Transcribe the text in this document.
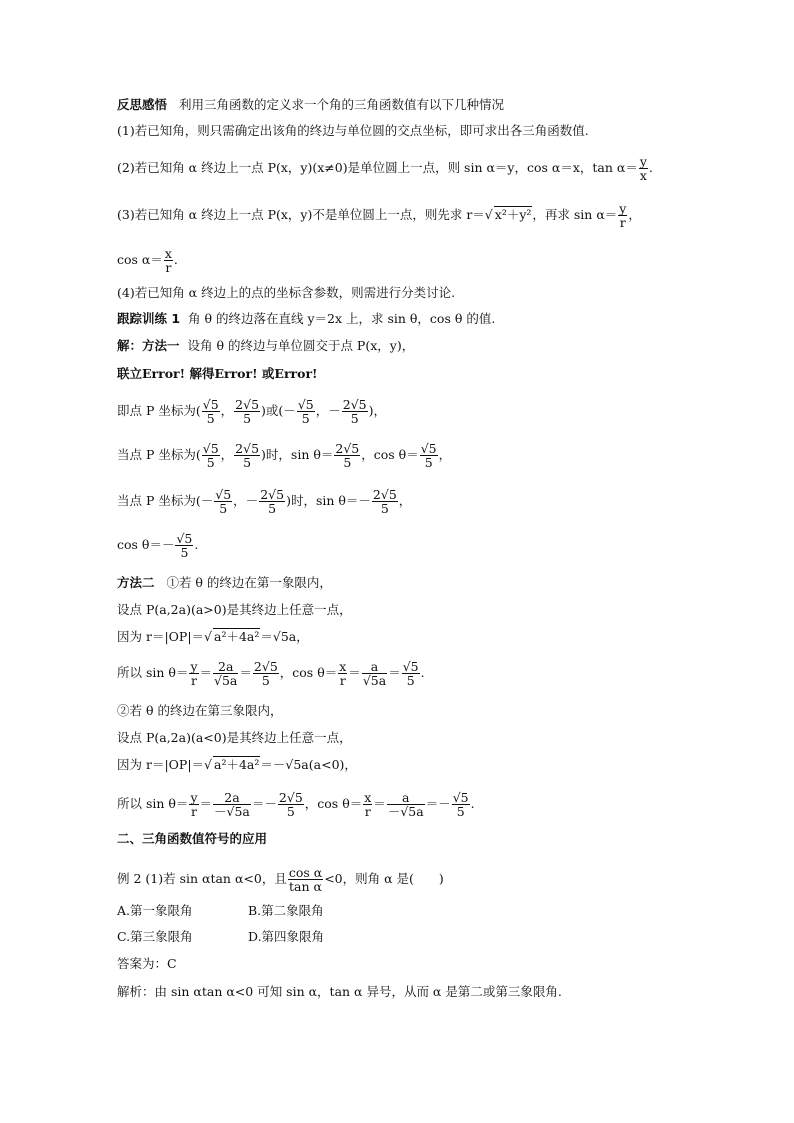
反思感悟 利用三角函数的定义求一个角的三角函数值有以下几种情况
(1)若已知角，则只需确定出该角的终边与单位圆的交点坐标，即可求出各三角函数值.
(2)若已知角 α 终边上一点 P(x，y)(x≠0)是单位圆上一点，则 sin α＝y，cos α＝x，$\tan \alpha= \frac{y}{x}$ .
(3)若已知角 α 终边上一点 P(x，y)不是单位圆上一点，则先求 r＝√ x²＋y²，再求 $\sin \alpha= \frac{y}{r}$ ，
$\cos \alpha= \frac{x}{r}$ .
(4)若已知角 α 终边上的点的坐标含参数，则需进行分类讨论.
跟踪训练 1 角 θ 的终边落在直线 y＝2x 上，求 sin θ，cos θ 的值.
解：方法一 设角 θ 的终边与单位圆交于点 P(x，y)，
联立Error! 解得Error! 或Error!
即点 P 坐标为( $\frac{√5}{5}$ ， $\frac{2√5}{5}$ )或(－ $\frac{√5}{5}$ ，－ $\frac{2√5}{5}$ )，
当点 P 坐标为( $\frac{√5}{5}$ ， $\frac{2√5}{5}$ )时，$\sin \theta= \frac{2√5}{5}$ ，$\cos \theta= \frac{√5}{5}$ ，
当点 P 坐标为(－ $\frac{√5}{5}$ ，－ $\frac{2√5}{5}$ )时，$\sin \theta=- \frac{2√5}{5}$ ，
$\cos \theta=- \frac{√5}{5}$ .
方法二 ①若 θ 的终边在第一象限内，
设点 P(a,2a)(a>0)是其终边上任意一点，
因为 r＝|OP|＝√ a²＋4a²＝√5a，
所以 $\sin \theta= \frac{y}{r} = \frac{2a}{√5a} = \frac{2√5}{5}$ ，$\cos \theta= \frac{x}{r} = \frac{a}{√5a} = \frac{√5}{5}$ .
②若 θ 的终边在第三象限内，
设点 P(a,2a)(a<0)是其终边上任意一点，
因为 r＝|OP|＝√ a²＋4a²＝－√5a(a<0)，
所以 $\sin \theta= \frac{y}{r} = \frac{2a}{-√5a} =- \frac{2√5}{5}$ ，$\cos \theta= \frac{x}{r} = \frac{a}{-√5a} =- \frac{√5}{5}$ .
二、三角函数值符号的应用
例 2 (1)若 sin αtan α<0，且 $\frac{\text{cos α}}{\text{tan α}} <0$，则角 α 是(　　)
A.第一象限角	B.第二象限角
C.第三象限角	D.第四象限角
答案为：C
解析：由 sin αtan α<0 可知 sin α，tan α 异号，从而 α 是第二或第三象限角.
